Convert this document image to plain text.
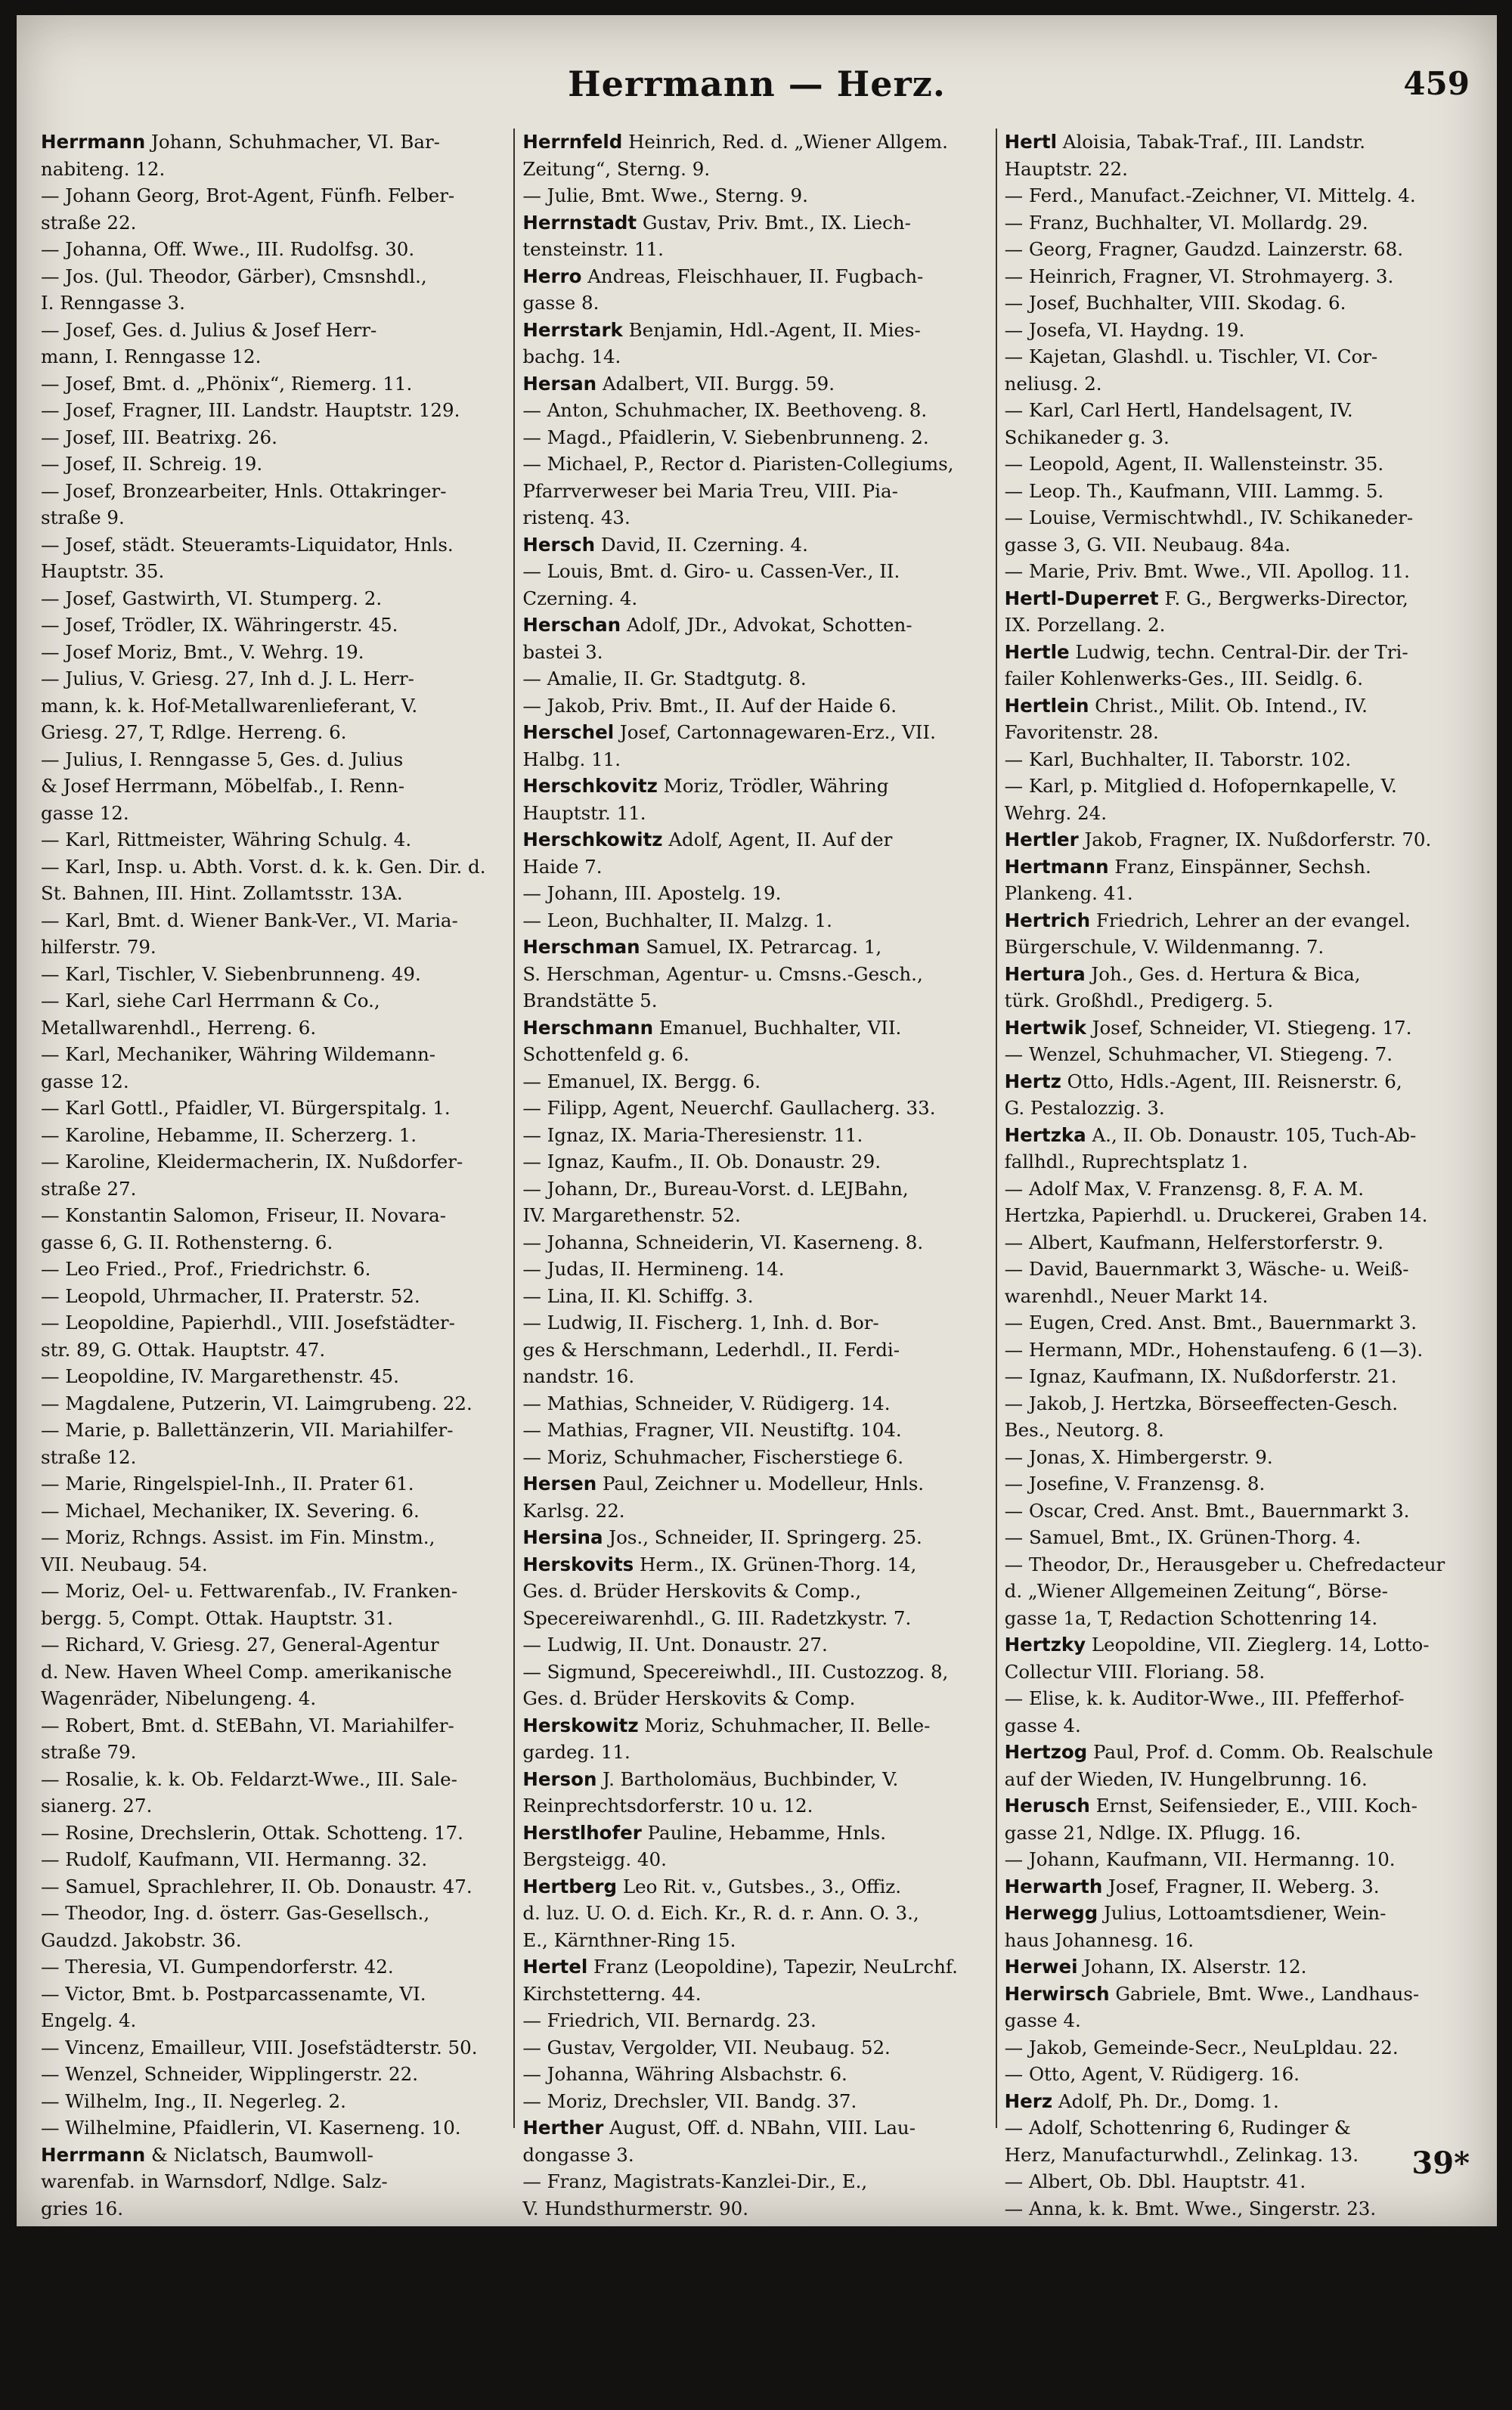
Herrmann — Herz.	459
Herrmann Johann, Schuhmacher, VI. Bar-
nabiteng. 12.
— Johann Georg, Brot-Agent, Fünfh. Felber-
straße 22.
— Johanna, Off. Wwe., III. Rudolfsg. 30.
— Jos. (Jul. Theodor, Gärber), Cmsnshdl.,
I. Renngasse 3.
— Josef, Ges. d. Julius & Josef Herr-
mann, I. Renngasse 12.
— Josef, Bmt. d. „Phönix“, Riemerg. 11.
— Josef, Fragner, III. Landstr. Hauptstr. 129.
— Josef, III. Beatrixg. 26.
— Josef, II. Schreig. 19.
— Josef, Bronzearbeiter, Hnls. Ottakringer-
straße 9.
— Josef, städt. Steueramts-Liquidator, Hnls.
Hauptstr. 35.
— Josef, Gastwirth, VI. Stumperg. 2.
— Josef, Trödler, IX. Währingerstr. 45.
— Josef Moriz, Bmt., V. Wehrg. 19.
— Julius, V. Griesg. 27, Inh d. J. L. Herr-
mann, k. k. Hof-Metallwarenlieferant, V.
Griesg. 27, T, Rdlge. Herreng. 6.
— Julius, I. Renngasse 5, Ges. d. Julius
& Josef Herrmann, Möbelfab., I. Renn-
gasse 12.
— Karl, Rittmeister, Währing Schulg. 4.
— Karl, Insp. u. Abth. Vorst. d. k. k. Gen. Dir. d.
St. Bahnen, III. Hint. Zollamtsstr. 13A.
— Karl, Bmt. d. Wiener Bank-Ver., VI. Maria-
hilferstr. 79.
— Karl, Tischler, V. Siebenbrunneng. 49.
— Karl, siehe Carl Herrmann & Co.,
Metallwarenhdl., Herreng. 6.
— Karl, Mechaniker, Währing Wildemann-
gasse 12.
— Karl Gottl., Pfaidler, VI. Bürgerspitalg. 1.
— Karoline, Hebamme, II. Scherzerg. 1.
— Karoline, Kleidermacherin, IX. Nußdorfer-
straße 27.
— Konstantin Salomon, Friseur, II. Novara-
gasse 6, G. II. Rothensterng. 6.
— Leo Fried., Prof., Friedrichstr. 6.
— Leopold, Uhrmacher, II. Praterstr. 52.
— Leopoldine, Papierhdl., VIII. Josefstädter-
str. 89, G. Ottak. Hauptstr. 47.
— Leopoldine, IV. Margarethenstr. 45.
— Magdalene, Putzerin, VI. Laimgrubeng. 22.
— Marie, p. Ballettänzerin, VII. Mariahilfer-
straße 12.
— Marie, Ringelspiel-Inh., II. Prater 61.
— Michael, Mechaniker, IX. Severing. 6.
— Moriz, Rchngs. Assist. im Fin. Minstm.,
VII. Neubaug. 54.
— Moriz, Oel- u. Fettwarenfab., IV. Franken-
bergg. 5, Compt. Ottak. Hauptstr. 31.
— Richard, V. Griesg. 27, General-Agentur
d. New. Haven Wheel Comp. amerikanische
Wagenräder, Nibelungeng. 4.
— Robert, Bmt. d. StEBahn, VI. Mariahilfer-
straße 79.
— Rosalie, k. k. Ob. Feldarzt-Wwe., III. Sale-
sianerg. 27.
— Rosine, Drechslerin, Ottak. Schotteng. 17.
— Rudolf, Kaufmann, VII. Hermanng. 32.
— Samuel, Sprachlehrer, II. Ob. Donaustr. 47.
— Theodor, Ing. d. österr. Gas-Gesellsch.,
Gaudzd. Jakobstr. 36.
— Theresia, VI. Gumpendorferstr. 42.
— Victor, Bmt. b. Postparcassenamte, VI.
Engelg. 4.
— Vincenz, Emailleur, VIII. Josefstädterstr. 50.
— Wenzel, Schneider, Wipplingerstr. 22.
— Wilhelm, Ing., II. Negerleg. 2.
— Wilhelmine, Pfaidlerin, VI. Kaserneng. 10.
Herrmann & Niclatsch, Baumwoll-
warenfab. in Warnsdorf, Ndlge. Salz-
gries 16.
— & Horn, Bunt- u. Cigarrettenpapierfab.,
X. Laxenburgerstr. 12.
Herrnfeld, siehe a. Hernfeld.
Herrnfeld Abraham, Korallenhdl., Hnls.
Hauptstr. 63.
— Friedrich, Mitredact. d. „Vorstadt-Zeitung“,
Sterng. 9.
Herrnfeld Heinrich, Red. d. „Wiener Allgem.
Zeitung“, Sterng. 9.
— Julie, Bmt. Wwe., Sterng. 9.
Herrnstadt Gustav, Priv. Bmt., IX. Liech-
tensteinstr. 11.
Herro Andreas, Fleischhauer, II. Fugbach-
gasse 8.
Herrstark Benjamin, Hdl.-Agent, II. Mies-
bachg. 14.
Hersan Adalbert, VII. Burgg. 59.
— Anton, Schuhmacher, IX. Beethoveng. 8.
— Magd., Pfaidlerin, V. Siebenbrunneng. 2.
— Michael, P., Rector d. Piaristen-Collegiums,
Pfarrverweser bei Maria Treu, VIII. Pia-
ristenq. 43.
Hersch David, II. Czerning. 4.
— Louis, Bmt. d. Giro- u. Cassen-Ver., II.
Czerning. 4.
Herschan Adolf, JDr., Advokat, Schotten-
bastei 3.
— Amalie, II. Gr. Stadtgutg. 8.
— Jakob, Priv. Bmt., II. Auf der Haide 6.
Herschel Josef, Cartonnagewaren-Erz., VII.
Halbg. 11.
Herschkovitz Moriz, Trödler, Währing
Hauptstr. 11.
Herschkowitz Adolf, Agent, II. Auf der
Haide 7.
— Johann, III. Apostelg. 19.
— Leon, Buchhalter, II. Malzg. 1.
Herschman Samuel, IX. Petrarcag. 1,
S. Herschman, Agentur- u. Cmsns.-Gesch.,
Brandstätte 5.
Herschmann Emanuel, Buchhalter, VII.
Schottenfeld g. 6.
— Emanuel, IX. Bergg. 6.
— Filipp, Agent, Neuerchf. Gaullacherg. 33.
— Ignaz, IX. Maria-Theresienstr. 11.
— Ignaz, Kaufm., II. Ob. Donaustr. 29.
— Johann, Dr., Bureau-Vorst. d. LEJBahn,
IV. Margarethenstr. 52.
— Johanna, Schneiderin, VI. Kaserneng. 8.
— Judas, II. Hermineng. 14.
— Lina, II. Kl. Schiffg. 3.
— Ludwig, II. Fischerg. 1, Inh. d. Bor-
ges & Herschmann, Lederhdl., II. Ferdi-
nandstr. 16.
— Mathias, Schneider, V. Rüdigerg. 14.
— Mathias, Fragner, VII. Neustiftg. 104.
— Moriz, Schuhmacher, Fischerstiege 6.
Hersen Paul, Zeichner u. Modelleur, Hnls.
Karlsg. 22.
Hersina Jos., Schneider, II. Springerg. 25.
Herskovits Herm., IX. Grünen-Thorg. 14,
Ges. d. Brüder Herskovits & Comp.,
Specereiwarenhdl., G. III. Radetzkystr. 7.
— Ludwig, II. Unt. Donaustr. 27.
— Sigmund, Specereiwhdl., III. Custozzog. 8,
Ges. d. Brüder Herskovits & Comp.
Herskowitz Moriz, Schuhmacher, II. Belle-
gardeg. 11.
Herson J. Bartholomäus, Buchbinder, V.
Reinprechtsdorferstr. 10 u. 12.
Herstlhofer Pauline, Hebamme, Hnls.
Bergsteigg. 40.
Hertberg Leo Rit. v., Gutsbes., 3., Offiz.
d. luz. U. O. d. Eich. Kr., R. d. r. Ann. O. 3.,
E., Kärnthner-Ring 15.
Hertel Franz (Leopoldine), Tapezir, NeuLrchf.
Kirchstetterng. 44.
— Friedrich, VII. Bernardg. 23.
— Gustav, Vergolder, VII. Neubaug. 52.
— Johanna, Währing Alsbachstr. 6.
— Moriz, Drechsler, VII. Bandg. 37.
Herther August, Off. d. NBahn, VIII. Lau-
dongasse 3.
— Franz, Magistrats-Kanzlei-Dir., E.,
V. Hundsthurmerstr. 90.
— Josef, Milchverschl., IV. Schlüsselg. 9, G.
IV. Favoritenstr. 16.
— Josef, E., V. Hundsthurmerstr. 91.
Hertig Franz, Einspänner, Ob. Meidl.
Grünberg. 1.
Hertl Alexander, Hdls.-Agent, E., Neu-
Hertlhof Neuwaldeggerstr. 20.
Hertl Aloisia, Tabak-Traf., III. Landstr.
Hauptstr. 22.
— Ferd., Manufact.-Zeichner, VI. Mittelg. 4.
— Franz, Buchhalter, VI. Mollardg. 29.
— Georg, Fragner, Gaudzd. Lainzerstr. 68.
— Heinrich, Fragner, VI. Strohmayerg. 3.
— Josef, Buchhalter, VIII. Skodag. 6.
— Josefa, VI. Haydng. 19.
— Kajetan, Glashdl. u. Tischler, VI. Cor-
neliusg. 2.
— Karl, Carl Hertl, Handelsagent, IV.
Schikaneder g. 3.
— Leopold, Agent, II. Wallensteinstr. 35.
— Leop. Th., Kaufmann, VIII. Lammg. 5.
— Louise, Vermischtwhdl., IV. Schikaneder-
gasse 3, G. VII. Neubaug. 84a.
— Marie, Priv. Bmt. Wwe., VII. Apollog. 11.
Hertl-Duperret F. G., Bergwerks-Director,
IX. Porzellang. 2.
Hertle Ludwig, techn. Central-Dir. der Tri-
failer Kohlenwerks-Ges., III. Seidlg. 6.
Hertlein Christ., Milit. Ob. Intend., IV.
Favoritenstr. 28.
— Karl, Buchhalter, II. Taborstr. 102.
— Karl, p. Mitglied d. Hofopernkapelle, V.
Wehrg. 24.
Hertler Jakob, Fragner, IX. Nußdorferstr. 70.
Hertmann Franz, Einspänner, Sechsh.
Plankeng. 41.
Hertrich Friedrich, Lehrer an der evangel.
Bürgerschule, V. Wildenmanng. 7.
Hertura Joh., Ges. d. Hertura & Bica,
türk. Großhdl., Predigerg. 5.
Hertwik Josef, Schneider, VI. Stiegeng. 17.
— Wenzel, Schuhmacher, VI. Stiegeng. 7.
Hertz Otto, Hdls.-Agent, III. Reisnerstr. 6,
G. Pestalozzig. 3.
Hertzka A., II. Ob. Donaustr. 105, Tuch-Ab-
fallhdl., Ruprechtsplatz 1.
— Adolf Max, V. Franzensg. 8, F. A. M.
Hertzka, Papierhdl. u. Druckerei, Graben 14.
— Albert, Kaufmann, Helferstorferstr. 9.
— David, Bauernmarkt 3, Wäsche- u. Weiß-
warenhdl., Neuer Markt 14.
— Eugen, Cred. Anst. Bmt., Bauernmarkt 3.
— Hermann, MDr., Hohenstaufeng. 6 (1—3).
— Ignaz, Kaufmann, IX. Nußdorferstr. 21.
— Jakob, J. Hertzka, Börseeffecten-Gesch.
Bes., Neutorg. 8.
— Jonas, X. Himbergerstr. 9.
— Josefine, V. Franzensg. 8.
— Oscar, Cred. Anst. Bmt., Bauernmarkt 3.
— Samuel, Bmt., IX. Grünen-Thorg. 4.
— Theodor, Dr., Herausgeber u. Chefredacteur
d. „Wiener Allgemeinen Zeitung“, Börse-
gasse 1a, T, Redaction Schottenring 14.
Hertzky Leopoldine, VII. Zieglerg. 14, Lotto-
Collectur VIII. Floriang. 58.
— Elise, k. k. Auditor-Wwe., III. Pfefferhof-
gasse 4.
Hertzog Paul, Prof. d. Comm. Ob. Realschule
auf der Wieden, IV. Hungelbrunng. 16.
Herusch Ernst, Seifensieder, E., VIII. Koch-
gasse 21, Ndlge. IX. Pflugg. 16.
— Johann, Kaufmann, VII. Hermanng. 10.
Herwarth Josef, Fragner, II. Weberg. 3.
Herwegg Julius, Lottoamtsdiener, Wein-
haus Johannesg. 16.
Herwei Johann, IX. Alserstr. 12.
Herwirsch Gabriele, Bmt. Wwe., Landhaus-
gasse 4.
— Jakob, Gemeinde-Secr., NeuLpldau. 22.
— Otto, Agent, V. Rüdigerg. 16.
Herz Adolf, Ph. Dr., Domg. 1.
— Adolf, Schottenring 6, Rudinger &
Herz, Manufacturwhdl., Zelinkag. 13.
— Albert, Ob. Dbl. Hauptstr. 41.
— Anna, k. k. Bmt. Wwe., Singerstr. 23.
— August, Priv.-Lehrer, V. Kettenbrückeng. 23.
— B., Agent, u. Cmsns.-Gesch., II. Prater-
straße 11, (Inh. Sigmund Schlesinger).
— Bernhard, Uhrmacher, Tuchlauben 26.
— Berthold, Gonzagag. 12.
— Cäsar, Damenschneider, X. Himbergerstr. 5.
— Carl, siehe Karl.
39*
